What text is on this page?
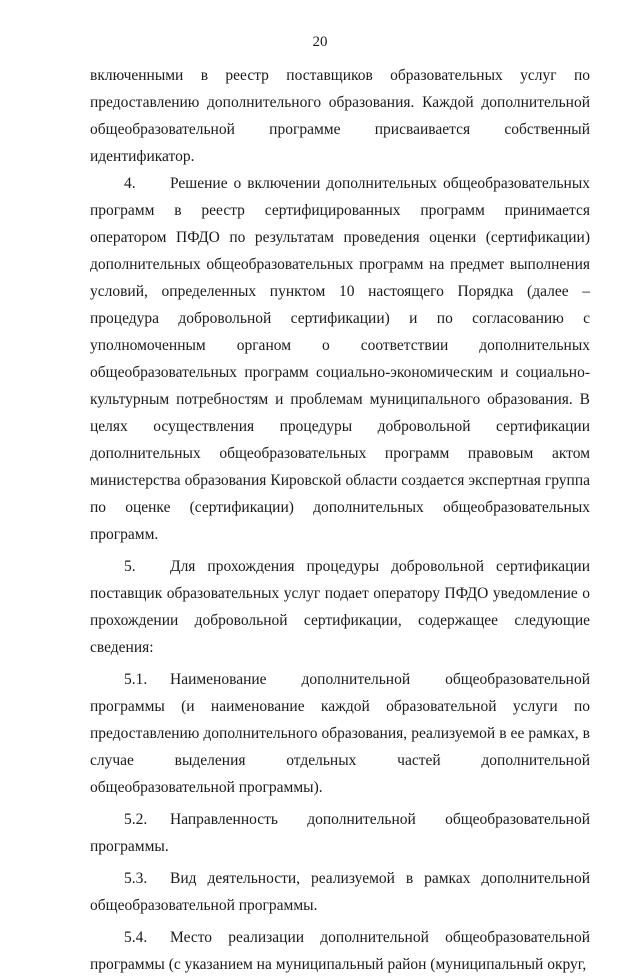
20

включенными в реестр поставщиков образовательных услуг по предоставлению дополнительного образования. Каждой дополнительной общеобразовательной программе присваивается собственный идентификатор.

4. Решение о включении дополнительных общеобразовательных программ в реестр сертифицированных программ принимается оператором ПФДО по результатам проведения оценки (сертификации) дополнительных общеобразовательных программ на предмет выполнения условий, определенных пунктом 10 настоящего Порядка (далее – процедура добровольной сертификации) и по согласованию с уполномоченным органом о соответствии дополнительных общеобразовательных программ социально-экономическим и социально-культурным потребностям и проблемам муниципального образования. В целях осуществления процедуры добровольной сертификации дополнительных общеобразовательных программ правовым актом министерства образования Кировской области создается экспертная группа по оценке (сертификации) дополнительных общеобразовательных программ.

5. Для прохождения процедуры добровольной сертификации поставщик образовательных услуг подает оператору ПФДО уведомление о прохождении добровольной сертификации, содержащее следующие сведения:

5.1. Наименование дополнительной общеобразовательной программы (и наименование каждой образовательной услуги по предоставлению дополнительного образования, реализуемой в ее рамках, в случае выделения отдельных частей дополнительной общеобразовательной программы).

5.2. Направленность дополнительной общеобразовательной программы.

5.3. Вид деятельности, реализуемой в рамках дополнительной общеобразовательной программы.

5.4. Место реализации дополнительной общеобразовательной программы (с указанием на муниципальный район (муниципальный округ,
